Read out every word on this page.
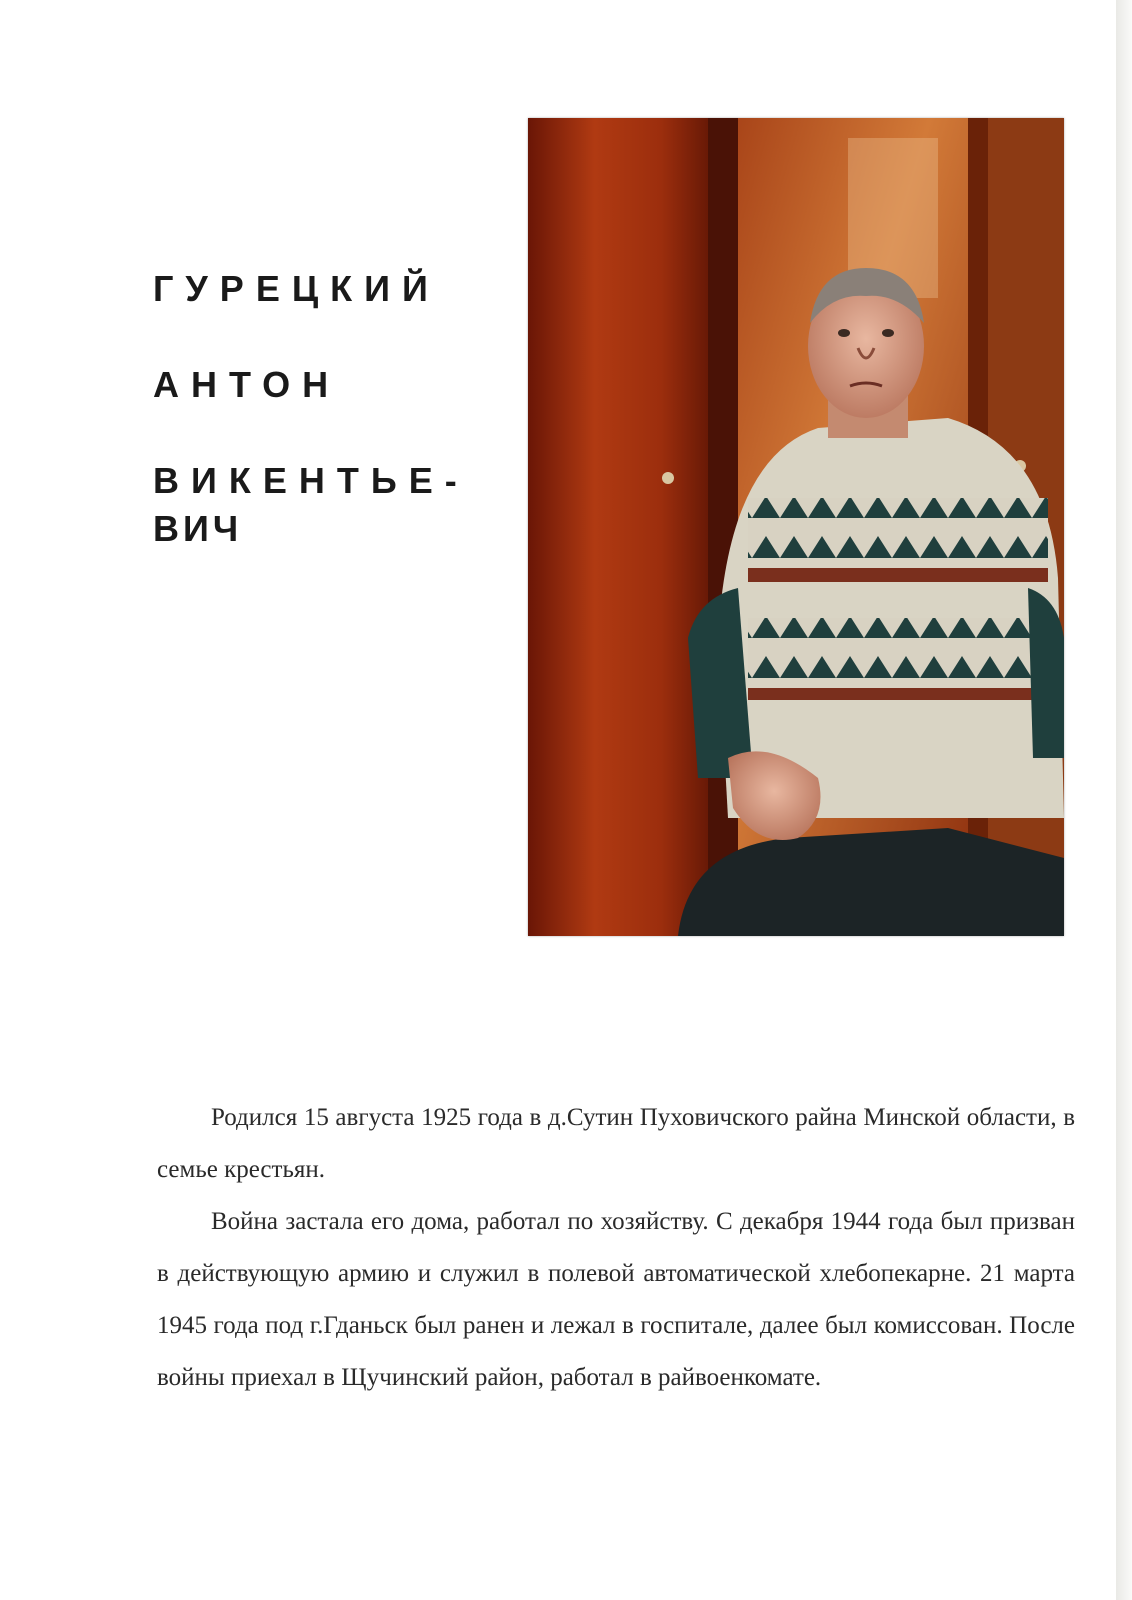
ГУРЕЦКИЙ
АНТОН
ВИКЕНТЬЕ-
ВИЧ

Родился 15 августа 1925 года в д.Сутин Пуховичского райна Минской области, в семье крестьян.

Война застала его дома, работал по хозяйству. С декабря 1944 года был призван в действующую армию и служил в полевой автоматической хлебопекарне. 21 марта 1945 года под г.Гданьск был ранен и лежал в госпитале, далее был комиссован. После войны приехал в Щучинский район, работал в райвоенкомате.
